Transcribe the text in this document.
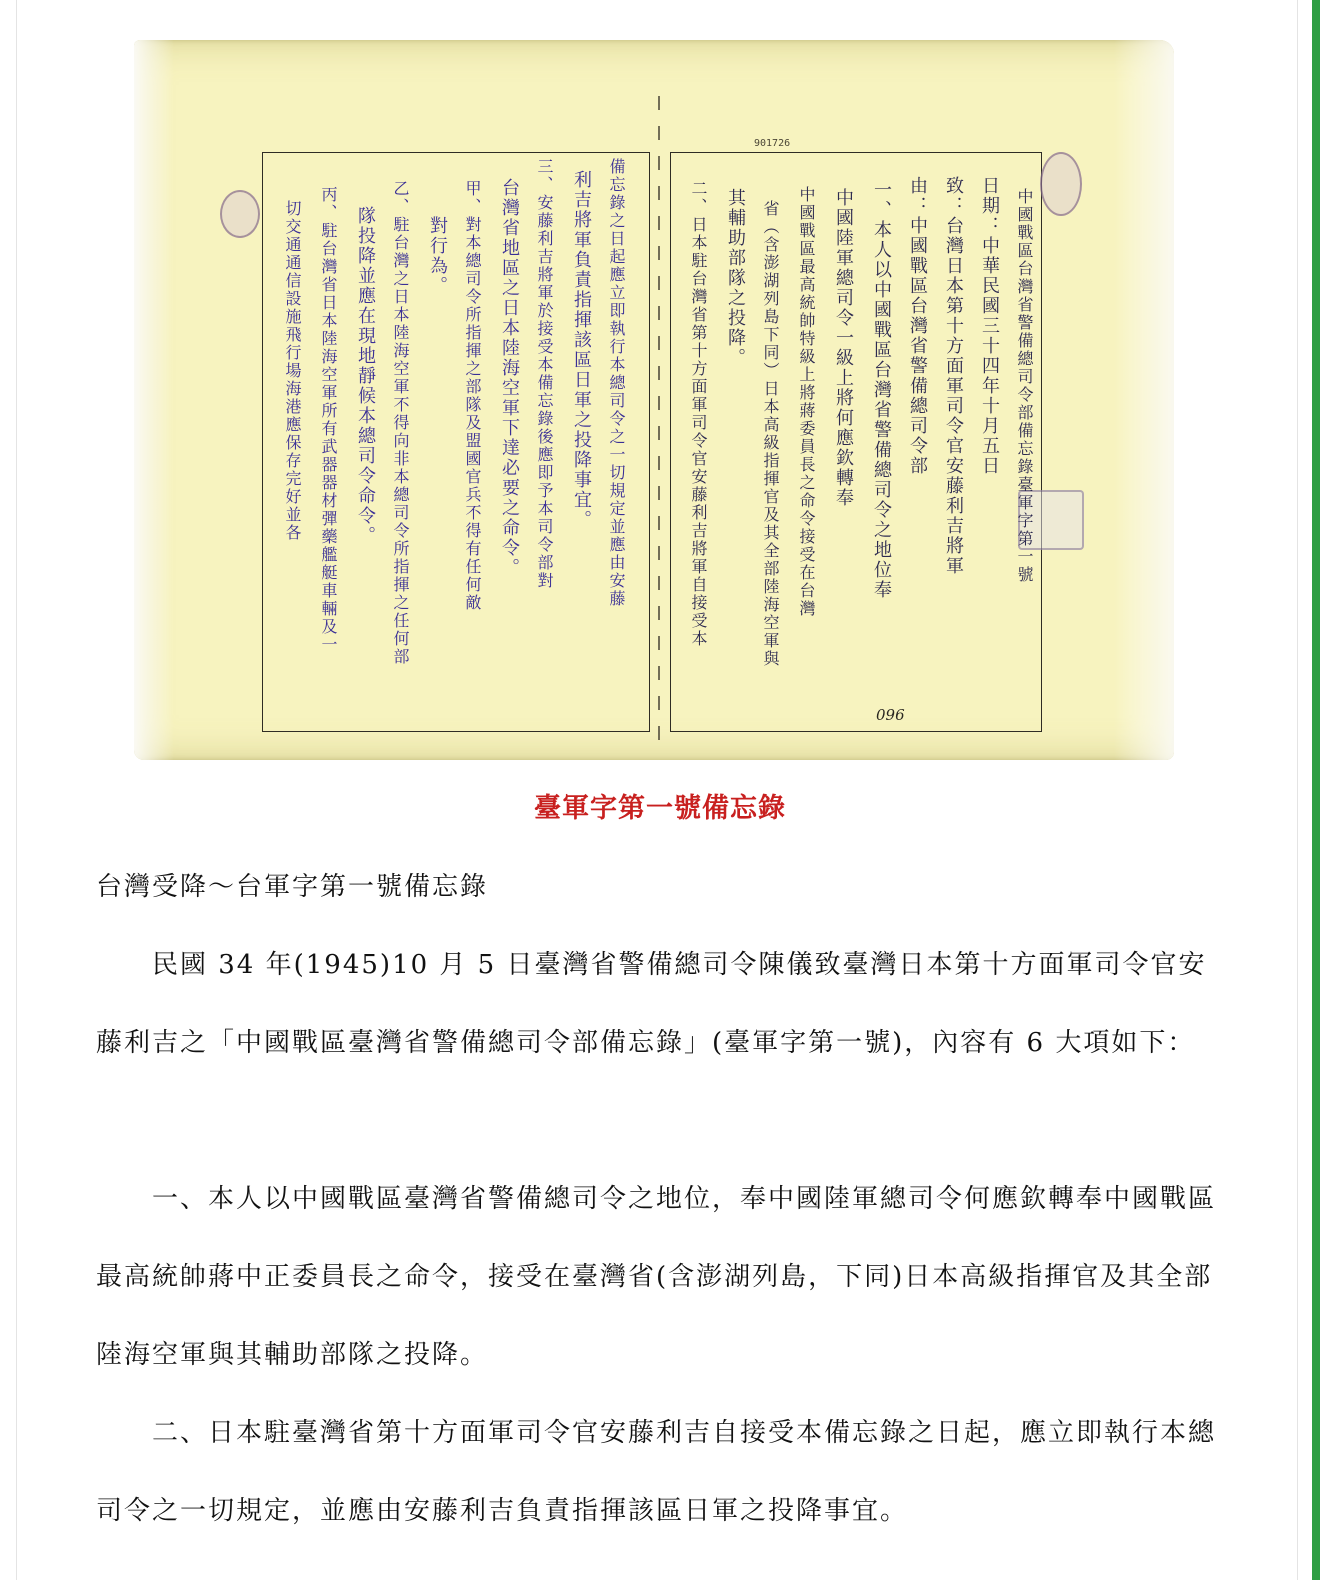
901726
096
中國戰區台灣省警備總司令部備忘錄臺軍字第一號
日期：中華民國三十四年十月五日
致：台灣日本第十方面軍司令官安藤利吉將軍
由：中國戰區台灣省警備總司令部
一、本人以中國戰區台灣省警備總司令之地位奉
中國陸軍總司令一級上將何應欽轉奉
中國戰區最高統帥特級上將蔣委員長之命令接受在台灣
省（含澎湖列島下同）日本高級指揮官及其全部陸海空軍與
其輔助部隊之投降。
二、日本駐台灣省第十方面軍司令官安藤利吉將軍自接受本
備忘錄之日起應立即執行本總司令之一切規定並應由安藤
利吉將軍負責指揮該區日軍之投降事宜。
三、安藤利吉將軍於接受本備忘錄後應即予本司令部對
台灣省地區之日本陸海空軍下達必要之命令。
甲、對本總司令所指揮之部隊及盟國官兵不得有任何敵
對行為。
乙、駐台灣之日本陸海空軍不得向非本總司令所指揮之任何部
隊投降並應在現地靜候本總司令命令。
丙、駐台灣省日本陸海空軍所有武器器材彈藥艦艇車輛及一
切交通通信設施飛行場海港應保存完好並各
臺軍字第一號備忘錄

台灣受降～台軍字第一號備忘錄

民國 34 年(1945)10 月 5 日臺灣省警備總司令陳儀致臺灣日本第十方面軍司令官安藤利吉之「中國戰區臺灣省警備總司令部備忘錄」(臺軍字第一號)，內容有 6 大項如下：

一、本人以中國戰區臺灣省警備總司令之地位，奉中國陸軍總司令何應欽轉奉中國戰區最高統帥蔣中正委員長之命令，接受在臺灣省(含澎湖列島，下同)日本高級指揮官及其全部陸海空軍與其輔助部隊之投降。

二、日本駐臺灣省第十方面軍司令官安藤利吉自接受本備忘錄之日起，應立即執行本總司令之一切規定，並應由安藤利吉負責指揮該區日軍之投降事宜。
